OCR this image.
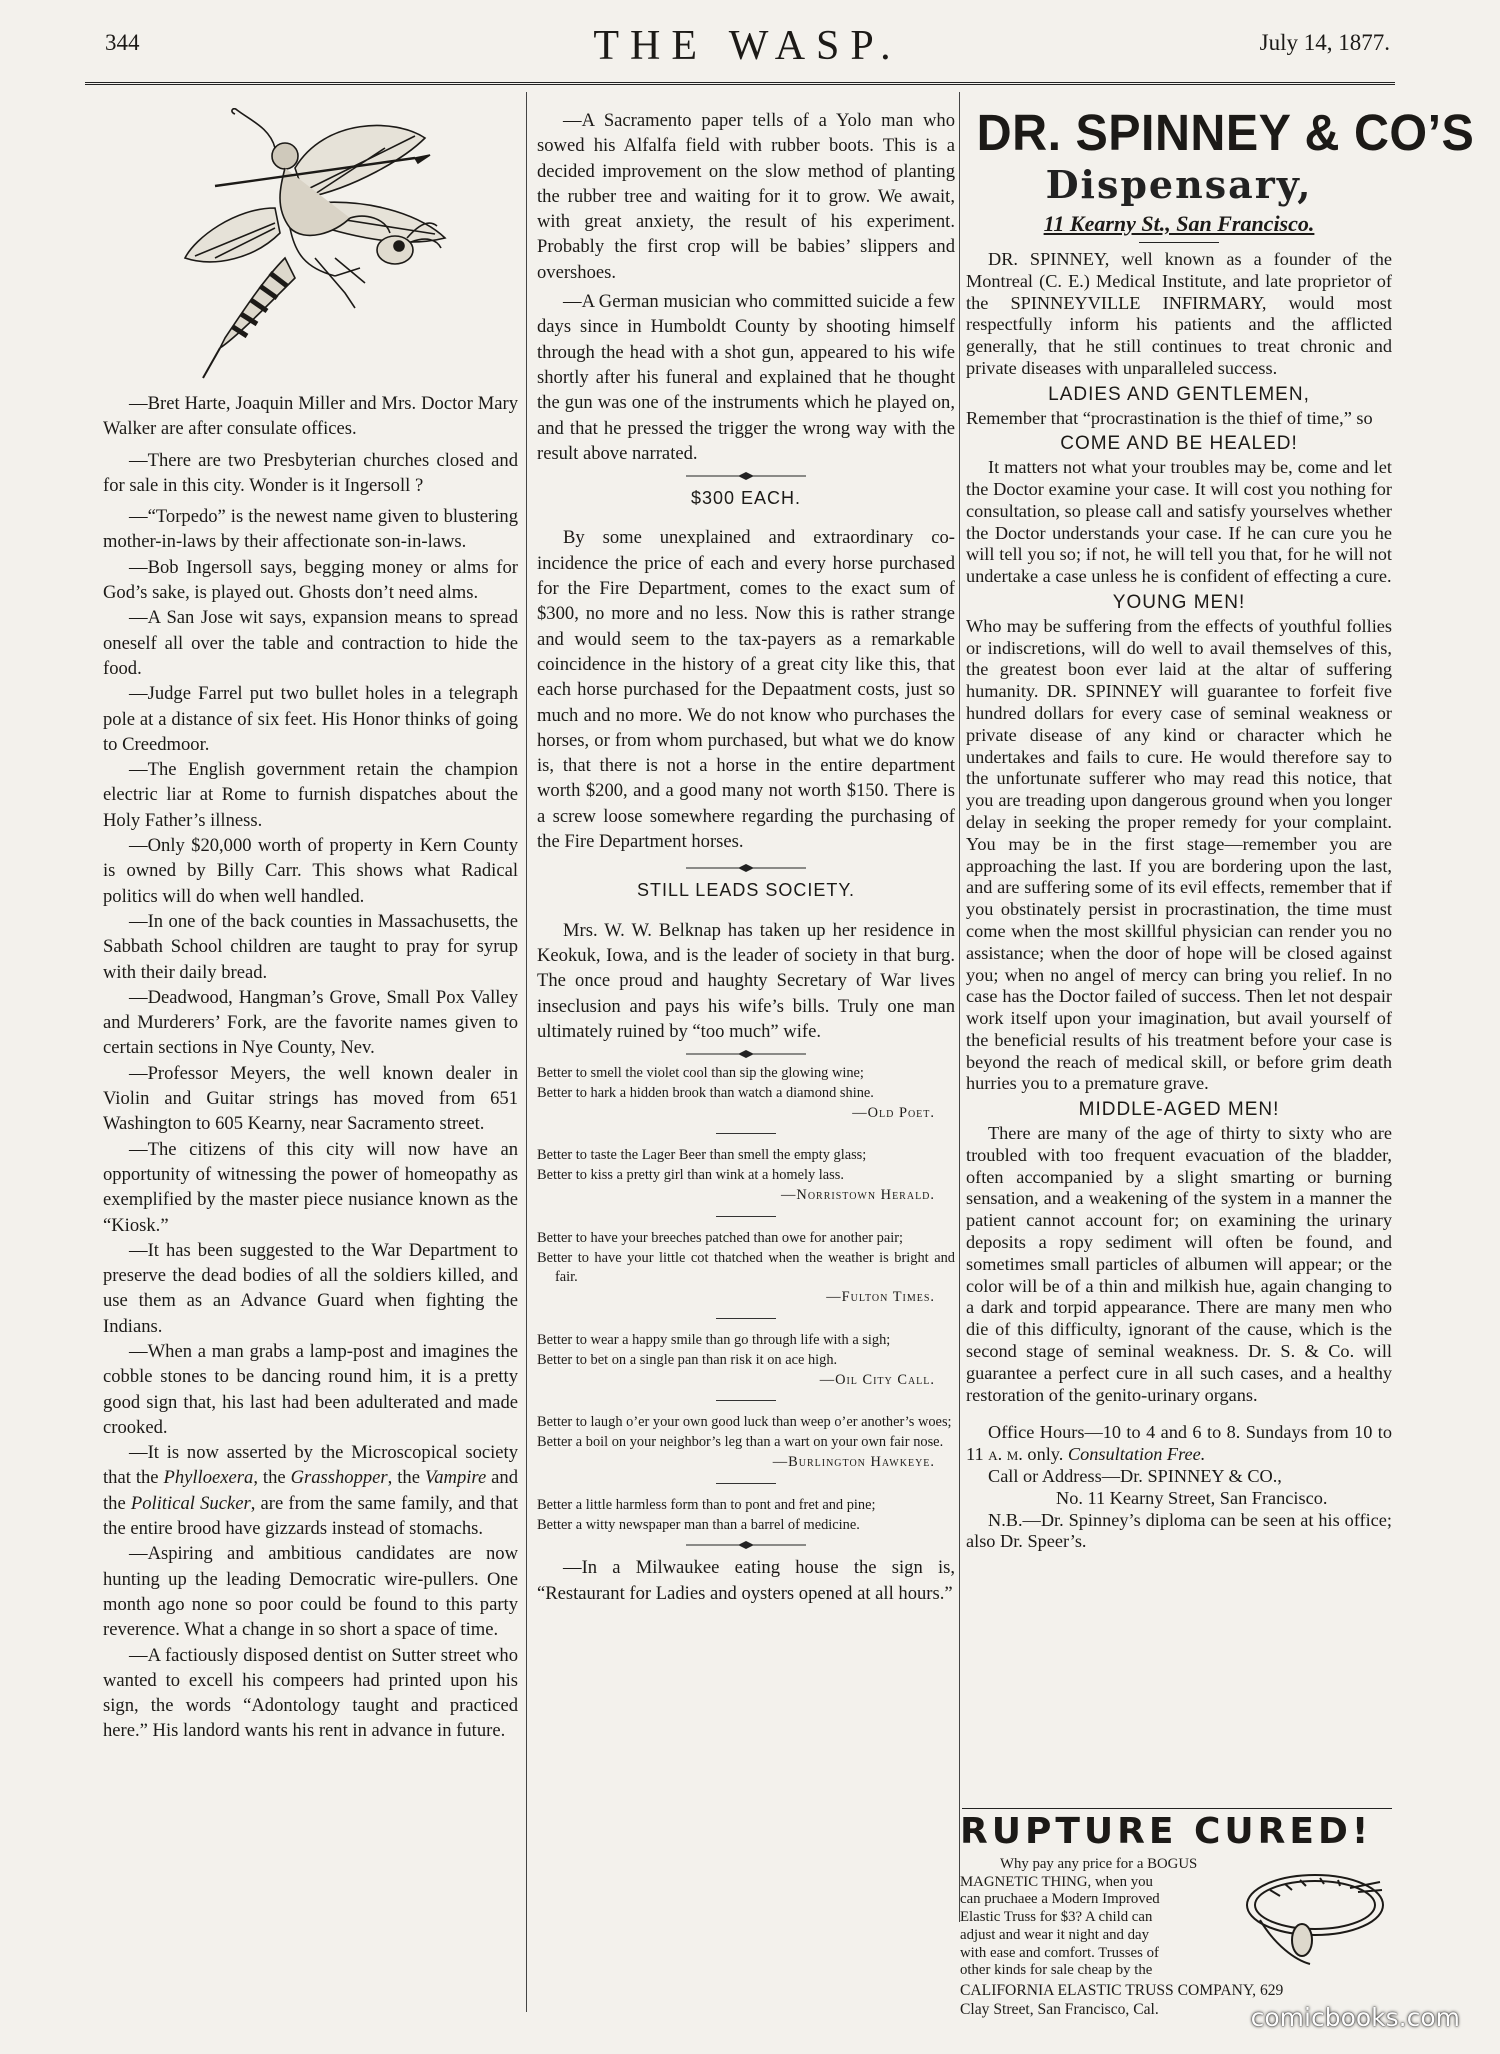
344	THE WASP.	July 14, 1877.

—Bret Harte, Joaquin Miller and Mrs. Doctor Mary Walker are after consulate offices.

—There are two Presbyterian churches closed and for sale in this city. Wonder is it Ingersoll ?

—“Torpedo” is the newest name given to blustering mother-in-laws by their affectionate son-in-laws.

—Bob Ingersoll says, begging money or alms for God’s sake, is played out. Ghosts don’t need alms.

—A San Jose wit says, expansion means to spread oneself all over the table and contraction to hide the food.

—Judge Farrel put two bullet holes in a telegraph pole at a distance of six feet. His Honor thinks of going to Creedmoor.

—The English government retain the champion electric liar at Rome to furnish dispatches about the Holy Father’s illness.

—Only $20,000 worth of property in Kern County is owned by Billy Carr. This shows what Radical politics will do when well handled.

—In one of the back counties in Massachusetts, the Sabbath School children are taught to pray for syrup with their daily bread.

—Deadwood, Hangman’s Grove, Small Pox Valley and Murderers’ Fork, are the favorite names given to certain sections in Nye County, Nev.

—Professor Meyers, the well known dealer in Violin and Guitar strings has moved from 651 Washington to 605 Kearny, near Sacramento street.

—The citizens of this city will now have an opportunity of witnessing the power of homeopathy as exemplified by the master piece nusiance known as the “Kiosk.”

—It has been suggested to the War Department to preserve the dead bodies of all the soldiers killed, and use them as an Advance Guard when fighting the Indians.

—When a man grabs a lamp-post and imagines the cobble stones to be dancing round him, it is a pretty good sign that, his last had been adulterated and made crooked.

—It is now asserted by the Microscopical society that the Phylloexera, the Grasshopper, the Vampire and the Political Sucker, are from the same family, and that the entire brood have gizzards instead of stomachs.

—Aspiring and ambitious candidates are now hunting up the leading Democratic wire-pullers. One month ago none so poor could be found to this party reverence. What a change in so short a space of time.

—A factiously disposed dentist on Sutter street who wanted to excell his compeers had printed upon his sign, the words “Adontology taught and practiced here.” His landord wants his rent in advance in future.

—A Sacramento paper tells of a Yolo man who sowed his Alfalfa field with rubber boots. This is a decided improvement on the slow method of planting the rubber tree and waiting for it to grow. We await, with great anxiety, the result of his experiment. Probably the first crop will be babies’ slippers and overshoes.

—A German musician who committed suicide a few days since in Humboldt County by shooting himself through the head with a shot gun, appeared to his wife shortly after his funeral and explained that he thought the gun was one of the instruments which he played on, and that he pressed the trigger the wrong way with the result above narrated.

$300 EACH.

By some unexplained and extraordinary co-incidence the price of each and every horse purchased for the Fire Department, comes to the exact sum of $300, no more and no less. Now this is rather strange and would seem to the tax-payers as a remarkable coincidence in the history of a great city like this, that each horse purchased for the Depaatment costs, just so much and no more. We do not know who purchases the horses, or from whom purchased, but what we do know is, that there is not a horse in the entire department worth $200, and a good many not worth $150. There is a screw loose somewhere regarding the purchasing of the Fire Department horses.

STILL LEADS SOCIETY.

Mrs. W. W. Belknap has taken up her residence in Keokuk, Iowa, and is the leader of society in that burg. The once proud and haughty Secretary of War lives inseclusion and pays his wife’s bills. Truly one man ultimately ruined by “too much” wife.

Better to smell the violet cool than sip the glowing wine;
Better to hark a hidden brook than watch a diamond shine.
—Old Poet.
Better to taste the Lager Beer than smell the empty glass;
Better to kiss a pretty girl than wink at a homely lass.
—Norristown Herald.
Better to have your breeches patched than owe for another pair;
Better to have your little cot thatched when the weather is bright and fair.
—Fulton Times.
Better to wear a happy smile than go through life with a sigh;
Better to bet on a single pan than risk it on ace high.
—Oil City Call.
Better to laugh o’er your own good luck than weep o’er another’s woes;
Better a boil on your neighbor’s leg than a wart on your own fair nose.
—Burlington Hawkeye.
Better a little harmless form than to pont and fret and pine;
Better a witty newspaper man than a barrel of medicine.

—In a Milwaukee eating house the sign is, “Restaurant for Ladies and oysters opened at all hours.”

DR. SPINNEY & CO’S
Dispensary,
11 Kearny St., San Francisco.

DR. SPINNEY, well known as a founder of the Montreal (C. E.) Medical Institute, and late proprietor of the SPINNEYVILLE INFIRMARY, would most respectfully inform his patients and the afflicted generally, that he still continues to treat chronic and private diseases with unparalleled success.

LADIES AND GENTLEMEN,

Remember that “procrastination is the thief of time,” so

COME AND BE HEALED!

It matters not what your troubles may be, come and let the Doctor examine your case. It will cost you nothing for consultation, so please call and satisfy yourselves whether the Doctor understands your case. If he can cure you he will tell you so; if not, he will tell you that, for he will not undertake a case unless he is confident of effecting a cure.

YOUNG MEN!

Who may be suffering from the effects of youthful follies or indiscretions, will do well to avail themselves of this, the greatest boon ever laid at the altar of suffering humanity. DR. SPINNEY will guarantee to forfeit five hundred dollars for every case of seminal weakness or private disease of any kind or character which he undertakes and fails to cure. He would therefore say to the unfortunate sufferer who may read this notice, that you are treading upon dangerous ground when you longer delay in seeking the proper remedy for your complaint. You may be in the first stage—remember you are approaching the last. If you are bordering upon the last, and are suffering some of its evil effects, remember that if you obstinately persist in procrastination, the time must come when the most skillful physician can render you no assistance; when the door of hope will be closed against you; when no angel of mercy can bring you relief. In no case has the Doctor failed of success. Then let not despair work itself upon your imagination, but avail yourself of the beneficial results of his treatment before your case is beyond the reach of medical skill, or before grim death hurries you to a premature grave.

MIDDLE-AGED MEN!

There are many of the age of thirty to sixty who are troubled with too frequent evacuation of the bladder, often accompanied by a slight smarting or burning sensation, and a weakening of the system in a manner the patient cannot account for; on examining the urinary deposits a ropy sediment will often be found, and sometimes small particles of albumen will appear; or the color will be of a thin and milkish hue, again changing to a dark and torpid appearance. There are many men who die of this difficulty, ignorant of the cause, which is the second stage of seminal weakness. Dr. S. & Co. will guarantee a perfect cure in all such cases, and a healthy restoration of the genito-urinary organs.

Office Hours—10 to 4 and 6 to 8. Sundays from 10 to 11 a. m. only. Consultation Free.

Call or Address—Dr. SPINNEY & CO.,

No. 11 Kearny Street, San Francisco.

N.B.—Dr. Spinney’s diploma can be seen at his office; also Dr. Speer’s.

RUPTURE CURED!
Why pay any price for a BOGUS
MAGNETIC THING, when you
can pruchaee a Modern Improved
Elastic Truss for $3? A child can
adjust and wear it night and day
with ease and comfort. Trusses of
other kinds for sale cheap by the
CALIFORNIA ELASTIC TRUSS COMPANY, 629
Clay Street, San Francisco, Cal.	comicbooks.com
